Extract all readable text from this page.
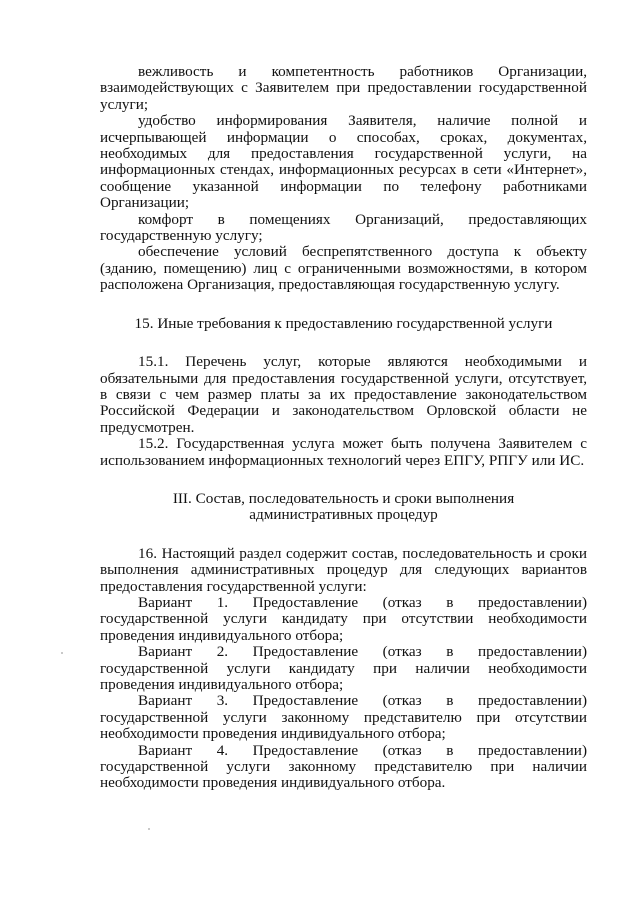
вежливость и компетентность работников Организации, взаимодействующих с Заявителем при предоставлении государственной услуги;

удобство информирования Заявителя, наличие полной и исчерпывающей информации о способах, сроках, документах, необходимых для предоставления государственной услуги, на информационных стендах, информационных ресурсах в сети «Интернет», сообщение указанной информации по телефону работниками Организации;

комфорт в помещениях Организаций, предоставляющих государственную услугу;

обеспечение условий беспрепятственного доступа к объекту (зданию, помещению) лиц с ограниченными возможностями, в котором расположена Организация, предоставляющая государственную услугу.

15. Иные требования к предоставлению государственной услуги

15.1. Перечень услуг, которые являются необходимыми и обязательными для предоставления государственной услуги, отсутствует, в связи с чем размер платы за их предоставление законодательством Российской Федерации и законодательством Орловской области не предусмотрен.

15.2. Государственная услуга может быть получена Заявителем с использованием информационных технологий через ЕПГУ, РПГУ или ИС.

III. Состав, последовательность и сроки выполнения

административных процедур

16. Настоящий раздел содержит состав, последовательность и сроки выполнения административных процедур для следующих вариантов предоставления государственной услуги:

Вариант 1. Предоставление (отказ в предоставлении) государственной услуги кандидату при отсутствии необходимости проведения индивидуального отбора;

Вариант 2. Предоставление (отказ в предоставлении) государственной услуги кандидату при наличии необходимости проведения индивидуального отбора;

Вариант 3. Предоставление (отказ в предоставлении) государственной услуги законному представителю при отсутствии необходимости проведения индивидуального отбора;

Вариант 4. Предоставление (отказ в предоставлении) государственной услуги законному представителю при наличии необходимости проведения индивидуального отбора.
